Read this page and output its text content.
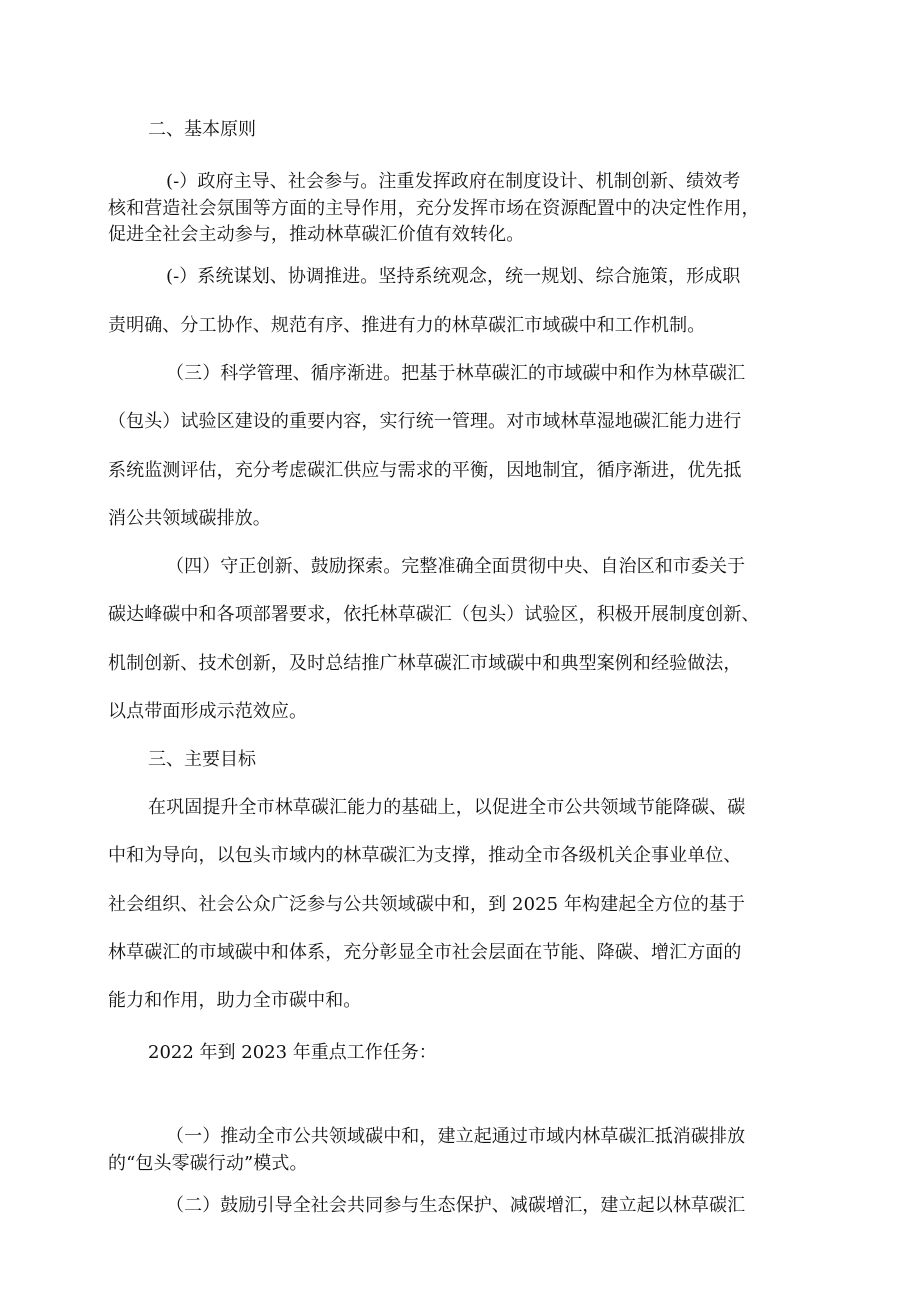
二、基本原则

(-）政府主导、社会参与。注重发挥政府在制度设计、机制创新、绩效考

核和营造社会氛围等方面的主导作用，充分发挥市场在资源配置中的决定性作用，

促进全社会主动参与，推动林草碳汇价值有效转化。

(-）系统谋划、协调推进。坚持系统观念，统一规划、综合施策，形成职

责明确、分工协作、规范有序、推进有力的林草碳汇市域碳中和工作机制。

（三）科学管理、循序渐进。把基于林草碳汇的市域碳中和作为林草碳汇

（包头）试验区建设的重要内容，实行统一管理。对市域林草湿地碳汇能力进行

系统监测评估，充分考虑碳汇供应与需求的平衡，因地制宜，循序渐进，优先抵

消公共领域碳排放。

（四）守正创新、鼓励探索。完整准确全面贯彻中央、自治区和市委关于

碳达峰碳中和各项部署要求，依托林草碳汇（包头）试验区，积极开展制度创新、

机制创新、技术创新，及时总结推广林草碳汇市域碳中和典型案例和经验做法，

以点带面形成示范效应。

三、主要目标

在巩固提升全市林草碳汇能力的基础上，以促进全市公共领域节能降碳、碳

中和为导向，以包头市域内的林草碳汇为支撑，推动全市各级机关企事业单位、

社会组织、社会公众广泛参与公共领域碳中和，到 2025 年构建起全方位的基于

林草碳汇的市域碳中和体系，充分彰显全市社会层面在节能、降碳、增汇方面的

能力和作用，助力全市碳中和。

2022 年到 2023 年重点工作任务：

（一）推动全市公共领域碳中和，建立起通过市域内林草碳汇抵消碳排放

的“包头零碳行动”模式。

（二）鼓励引导全社会共同参与生态保护、减碳增汇，建立起以林草碳汇
